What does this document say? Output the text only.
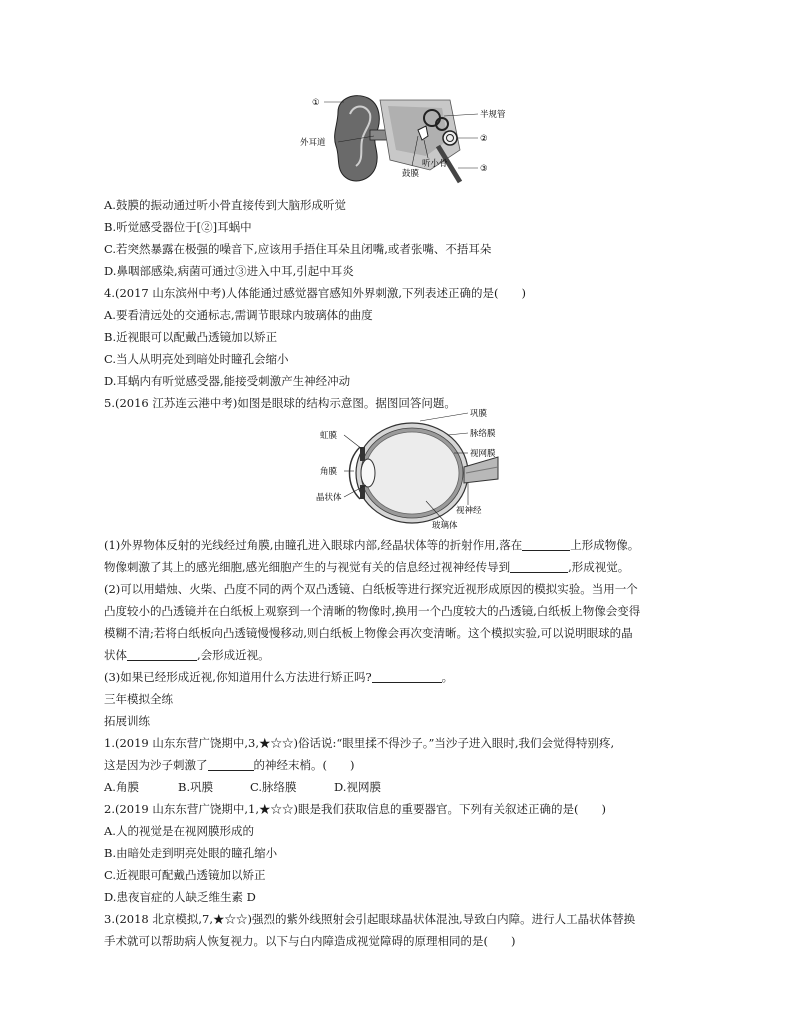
①
半规管
②
外耳道
听小骨	③
鼓膜
A.鼓膜的振动通过听小骨直接传到大脑形成听觉
B.听觉感受器位于[②]耳蜗中
C.若突然暴露在极强的噪音下,应该用手捂住耳朵且闭嘴,或者张嘴、不捂耳朵
D.鼻咽部感染,病菌可通过③进入中耳,引起中耳炎
4.(2017 山东滨州中考)人体能通过感觉器官感知外界刺激,下列表述正确的是(　　)
A.要看清远处的交通标志,需调节眼球内玻璃体的曲度
B.近视眼可以配戴凸透镜加以矫正
C.当人从明亮处到暗处时瞳孔会缩小
D.耳蜗内有听觉感受器,能接受刺激产生神经冲动
5.(2016 江苏连云港中考)如图是眼球的结构示意图。据图回答问题。
巩膜
虹膜	脉络膜
视网膜
角膜
晶状体
视神经
玻璃体
(1)外界物体反射的光线经过角膜,由瞳孔进入眼球内部,经晶状体等的折射作用,落在	上形成物像。
物像刺激了其上的感光细胞,感光细胞产生的与视觉有关的信息经过视神经传导到	,形成视觉。
(2)可以用蜡烛、火柴、凸度不同的两个双凸透镜、白纸板等进行探究近视形成原因的模拟实验。当用一个
凸度较小的凸透镜并在白纸板上观察到一个清晰的物像时,换用一个凸度较大的凸透镜,白纸板上物像会变得
模糊不清;若将白纸板向凸透镜慢慢移动,则白纸板上物像会再次变清晰。这个模拟实验,可以说明眼球的晶
状体	,会形成近视。
(3)如果已经形成近视,你知道用什么方法进行矫正吗?	。
三年模拟全练
拓展训练
1.(2019 山东东营广饶期中,3,★☆☆)俗话说:“眼里揉不得沙子。”当沙子进入眼时,我们会觉得特别疼,
这是因为沙子刺激了	的神经末梢。(　　)
A.角膜	B.巩膜	C.脉络膜	D.视网膜
2.(2019 山东东营广饶期中,1,★☆☆)眼是我们获取信息的重要器官。下列有关叙述正确的是(　　)
A.人的视觉是在视网膜形成的
B.由暗处走到明亮处眼的瞳孔缩小
C.近视眼可配戴凸透镜加以矫正
D.患夜盲症的人缺乏维生素 D
3.(2018 北京模拟,7,★☆☆)强烈的紫外线照射会引起眼球晶状体混浊,导致白内障。进行人工晶状体替换
手术就可以帮助病人恢复视力。以下与白内障造成视觉障碍的原理相同的是(　　)
